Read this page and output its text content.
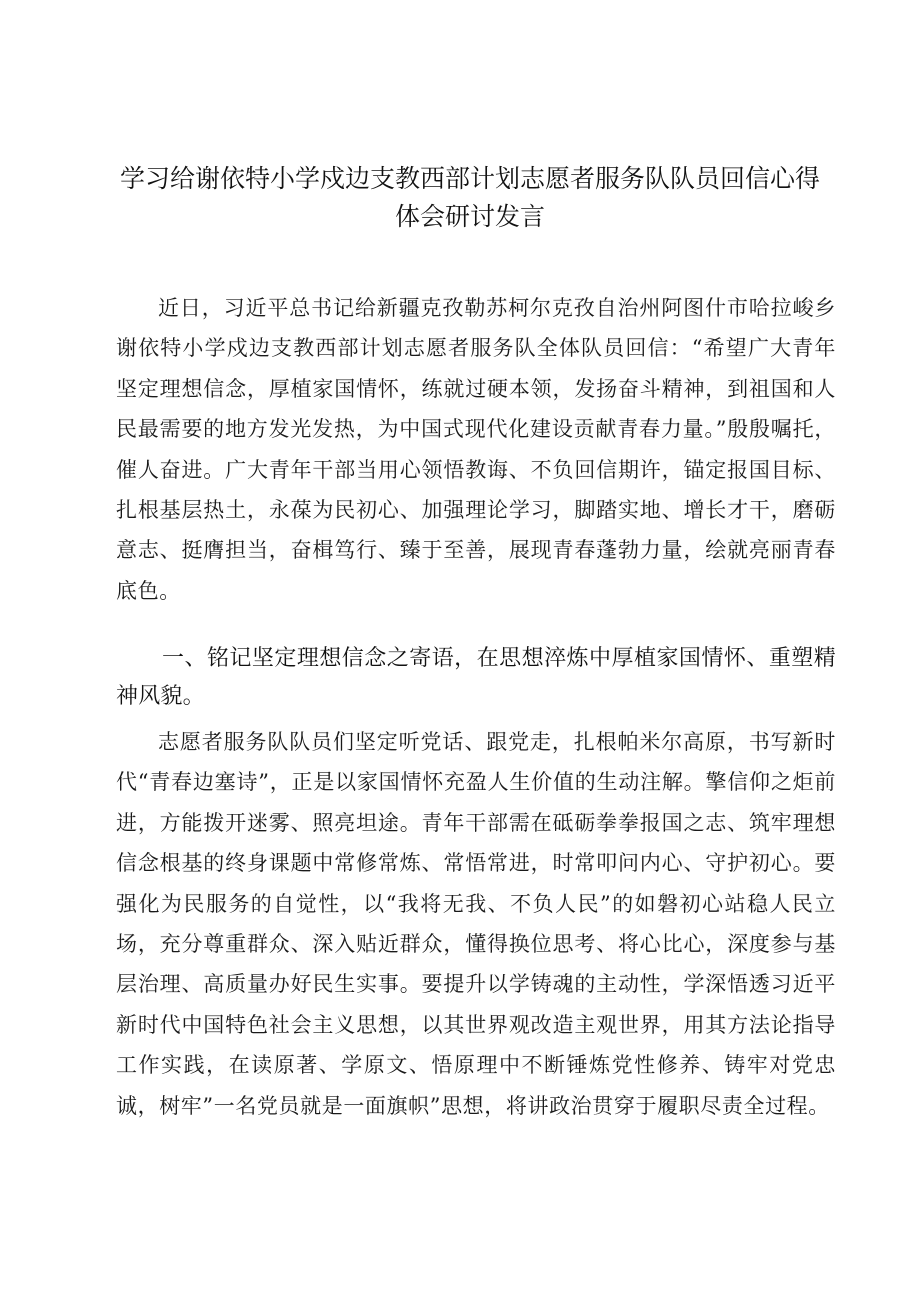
学习给谢依特小学戍边支教西部计划志愿者服务队队员回信心得
体会研讨发言

近日，习近平总书记给新疆克孜勒苏柯尔克孜自治州阿图什市哈拉峻乡谢依特小学戍边支教西部计划志愿者服务队全体队员回信：“希望广大青年坚定理想信念，厚植家国情怀，练就过硬本领，发扬奋斗精神，到祖国和人民最需要的地方发光发热，为中国式现代化建设贡献青春力量。”殷殷嘱托，催人奋进。广大青年干部当用心领悟教诲、不负回信期许，锚定报国目标、扎根基层热土，永葆为民初心、加强理论学习，脚踏实地、增长才干，磨砺意志、挺膺担当，奋楫笃行、臻于至善，展现青春蓬勃力量，绘就亮丽青春底色。

一、铭记坚定理想信念之寄语，在思想淬炼中厚植家国情怀、重塑精神风貌。

志愿者服务队队员们坚定听党话、跟党走，扎根帕米尔高原，书写新时代“青春边塞诗”，正是以家国情怀充盈人生价值的生动注解。擎信仰之炬前进，方能拨开迷雾、照亮坦途。青年干部需在砥砺拳拳报国之志、筑牢理想信念根基的终身课题中常修常炼、常悟常进，时常叩问内心、守护初心。要强化为民服务的自觉性，以“我将无我、不负人民”的如磐初心站稳人民立场，充分尊重群众、深入贴近群众，懂得换位思考、将心比心，深度参与基层治理、高质量办好民生实事。要提升以学铸魂的主动性，学深悟透习近平新时代中国特色社会主义思想，以其世界观改造主观世界，用其方法论指导工作实践，在读原著、学原文、悟原理中不断锤炼党性修养、铸牢对党忠诚，树牢”一名党员就是一面旗帜”思想，将讲政治贯穿于履职尽责全过程。
